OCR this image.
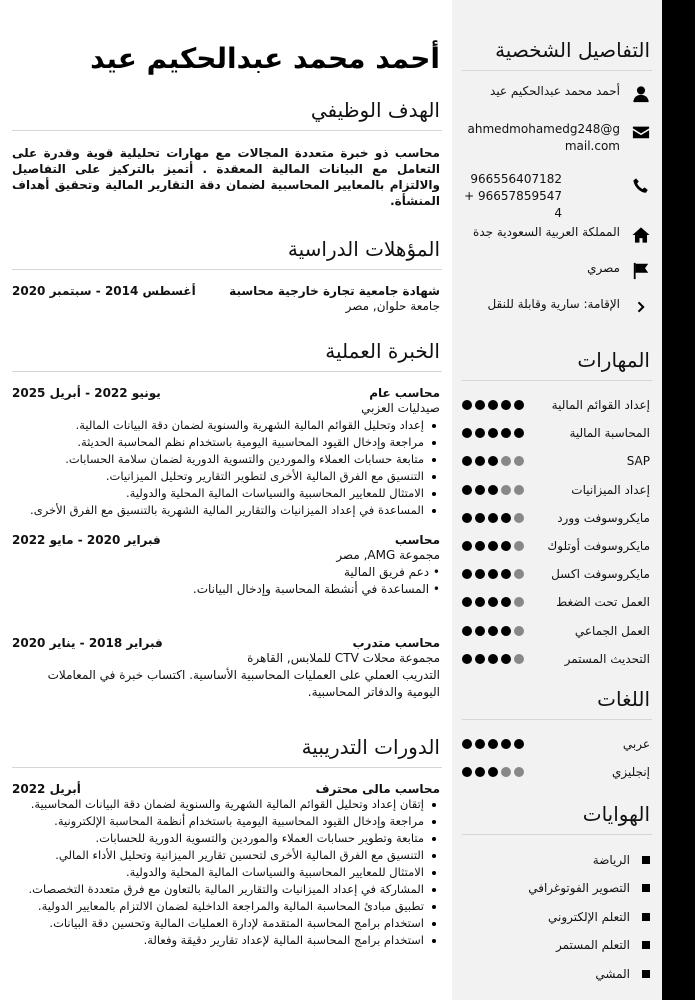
التفاصيل الشخصية
أحمد محمد عبدالحكيم عيد
ahmedmohamedg248@gmail.com
966556407182+ 966578595474
المملكة العربية السعودية جدة
مصري
الإقامة: سارية وقابلة للنقل
المهارات
إعداد القوائم المالية
المحاسبة المالية
SAP
إعداد الميزانيات
مايكروسوفت وورد
مايكروسوفت أوتلوك
مايكروسوفت اكسل
العمل تحت الضغط
العمل الجماعي
التحديث المستمر
اللغات
عربي
إنجليزي
الهوايات
الرياضة
التصوير الفوتوغرافي
التعلم الإلكتروني
التعلم المستمر
المشي
أحمد محمد عبدالحكيم عيد
الهدف الوظيفي

محاسب ذو خبرة متعددة المجالات مع مهارات تحليلية قوية وقدرة على التعامل مع البيانات المالية المعقدة . أتميز بالتركيز على التفاصيل والالتزام بالمعايير المحاسبية لضمان دقة التقارير المالية وتحقيق أهداف المنشأة.

المؤهلات الدراسية
شهادة جامعية تجارة خارجية محاسبة
أغسطس 2014 - سبتمبر 2020
جامعة حلوان, مصر
الخبرة العملية
محاسب عام
يونيو 2022 - أبريل 2025
صيدليات العزبي
إعداد وتحليل القوائم المالية الشهرية والسنوية لضمان دقة البيانات المالية.
مراجعة وإدخال القيود المحاسبية اليومية باستخدام نظم المحاسبة الحديثة.
متابعة حسابات العملاء والموردين والتسوية الدورية لضمان سلامة الحسابات.
التنسيق مع الفرق المالية الأخرى لتطوير التقارير وتحليل الميزانيات.
الامتثال للمعايير المحاسبية والسياسات المالية المحلية والدولية.
المساعدة في إعداد الميزانيات والتقارير المالية الشهرية بالتنسيق مع الفرق الأخرى.
محاسب
فبراير 2020 - مايو 2022
مجموعة AMG, مصر
• دعم فريق المالية
• المساعدة في أنشطة المحاسبة وإدخال البيانات.
محاسب متدرب
فبراير 2018 - يناير 2020
مجموعة محلات CTV للملابس, القاهرة
التدريب العملي على العمليات المحاسبية الأساسية. اكتساب خبرة في المعاملات اليومية والدفاتر المحاسبية.
الدورات التدريبية
محاسب مالى محترف
أبريل 2022
إتقان إعداد وتحليل القوائم المالية الشهرية والسنوية لضمان دقة البيانات المحاسبية.
مراجعة وإدخال القيود المحاسبية اليومية باستخدام أنظمة المحاسبة الإلكترونية.
متابعة وتطوير حسابات العملاء والموردين والتسوية الدورية للحسابات.
التنسيق مع الفرق المالية الأخرى لتحسين تقارير الميزانية وتحليل الأداء المالي.
الامتثال للمعايير المحاسبية والسياسات المالية المحلية والدولية.
المشاركة في إعداد الميزانيات والتقارير المالية بالتعاون مع فرق متعددة التخصصات.
تطبيق مبادئ المحاسبة المالية والمراجعة الداخلية لضمان الالتزام بالمعايير الدولية.
استخدام برامج المحاسبة المتقدمة لإدارة العمليات المالية وتحسين دقة البيانات.
استخدام برامج المحاسبة المالية لإعداد تقارير دقيقة وفعالة.
